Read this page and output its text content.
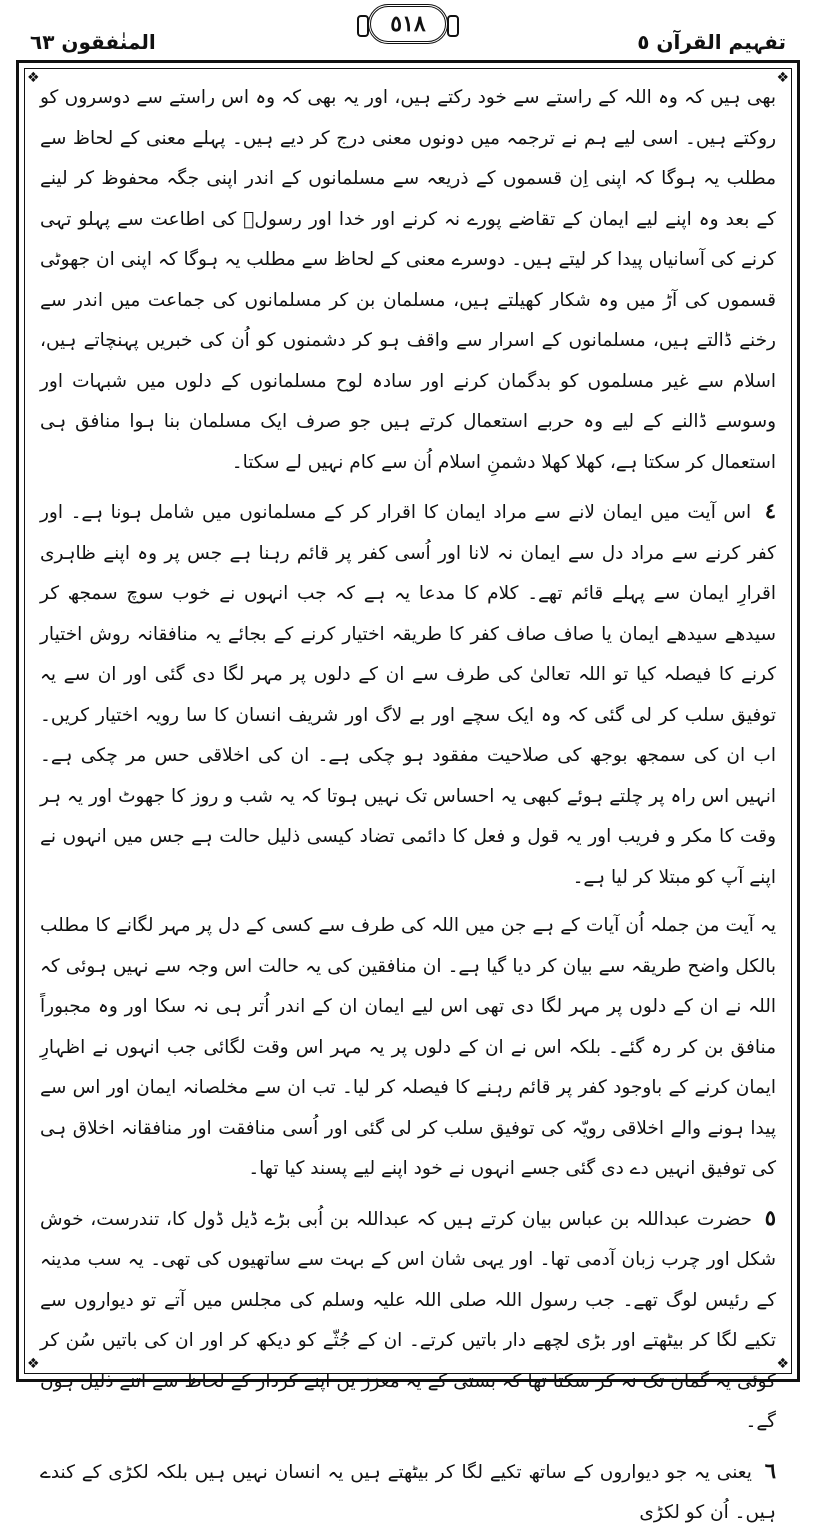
المنٰفقون ٦٣
٥١٨
تفہیم القرآن ٥
❖	❖
❖	❖

بھی ہیں کہ وہ اللہ کے راستے سے خود رکتے ہیں، اور یہ بھی کہ وہ اس راستے سے دوسروں کو روکتے ہیں۔ اسی لیے ہم نے ترجمہ میں دونوں معنی درج کر دیے ہیں۔ پہلے معنی کے لحاظ سے مطلب یہ ہوگا کہ اپنی اِن قسموں کے ذریعہ سے مسلمانوں کے اندر اپنی جگہ محفوظ کر لینے کے بعد وہ اپنے لیے ایمان کے تقاضے پورے نہ کرنے اور خدا اور رسولؐ کی اطاعت سے پہلو تہی کرنے کی آسانیاں پیدا کر لیتے ہیں۔ دوسرے معنی کے لحاظ سے مطلب یہ ہوگا کہ اپنی ان جھوٹی قسموں کی آڑ میں وہ شکار کھیلتے ہیں، مسلمان بن کر مسلمانوں کی جماعت میں اندر سے رخنے ڈالتے ہیں، مسلمانوں کے اسرار سے واقف ہو کر دشمنوں کو اُن کی خبریں پہنچاتے ہیں، اسلام سے غیر مسلموں کو بدگمان کرنے اور سادہ لوح مسلمانوں کے دلوں میں شبہات اور وسوسے ڈالنے کے لیے وہ حربے استعمال کرتے ہیں جو صرف ایک مسلمان بنا ہوا منافق ہی استعمال کر سکتا ہے، کھلا کھلا دشمنِ اسلام اُن سے کام نہیں لے سکتا۔

٤ اس آیت میں ایمان لانے سے مراد ایمان کا اقرار کر کے مسلمانوں میں شامل ہونا ہے۔ اور کفر کرنے سے مراد دل سے ایمان نہ لانا اور اُسی کفر پر قائم رہنا ہے جس پر وہ اپنے ظاہری اقرارِ ایمان سے پہلے قائم تھے۔ کلام کا مدعا یہ ہے کہ جب انہوں نے خوب سوچ سمجھ کر سیدھے سیدھے ایمان یا صاف صاف کفر کا طریقہ اختیار کرنے کے بجائے یہ منافقانہ روش اختیار کرنے کا فیصلہ کیا تو اللہ تعالیٰ کی طرف سے ان کے دلوں پر مہر لگا دی گئی اور ان سے یہ توفیق سلب کر لی گئی کہ وہ ایک سچے اور بے لاگ اور شریف انسان کا سا رویہ اختیار کریں۔ اب ان کی سمجھ بوجھ کی صلاحیت مفقود ہو چکی ہے۔ ان کی اخلاقی حس مر چکی ہے۔ انہیں اس راہ پر چلتے ہوئے کبھی یہ احساس تک نہیں ہوتا کہ یہ شب و روز کا جھوٹ اور یہ ہر وقت کا مکر و فریب اور یہ قول و فعل کا دائمی تضاد کیسی ذلیل حالت ہے جس میں انہوں نے اپنے آپ کو مبتلا کر لیا ہے۔

یہ آیت من جملہ اُن آیات کے ہے جن میں اللہ کی طرف سے کسی کے دل پر مہر لگانے کا مطلب بالکل واضح طریقہ سے بیان کر دیا گیا ہے۔ ان منافقین کی یہ حالت اس وجہ سے نہیں ہوئی کہ اللہ نے ان کے دلوں پر مہر لگا دی تھی اس لیے ایمان ان کے اندر اُتر ہی نہ سکا اور وہ مجبوراً منافق بن کر رہ گئے۔ بلکہ اس نے ان کے دلوں پر یہ مہر اس وقت لگائی جب انہوں نے اظہارِ ایمان کرنے کے باوجود کفر پر قائم رہنے کا فیصلہ کر لیا۔ تب ان سے مخلصانہ ایمان اور اس سے پیدا ہونے والے اخلاقی رویّہ کی توفیق سلب کر لی گئی اور اُسی منافقت اور منافقانہ اخلاق ہی کی توفیق انہیں دے دی گئی جسے انہوں نے خود اپنے لیے پسند کیا تھا۔

٥ حضرت عبداللہ بن عباس بیان کرتے ہیں کہ عبداللہ بن اُبی بڑے ڈیل ڈول کا، تندرست، خوش شکل اور چرب زبان آدمی تھا۔ اور یہی شان اس کے بہت سے ساتھیوں کی تھی۔ یہ سب مدینہ کے رئیس لوگ تھے۔ جب رسول اللہ صلی اللہ علیہ وسلم کی مجلس میں آتے تو دیواروں سے تکیے لگا کر بیٹھتے اور بڑی لچھے دار باتیں کرتے۔ ان کے جُثّے کو دیکھ کر اور ان کی باتیں سُن کر کوئی یہ گمان تک نہ کر سکتا تھا کہ بستی کے یہ معزز ین اپنے کردار کے لحاظ سے اتنے ذلیل ہوں گے۔

٦ یعنی یہ جو دیواروں کے ساتھ تکیے لگا کر بیٹھتے ہیں یہ انسان نہیں ہیں بلکہ لکڑی کے کندے ہیں۔ اُن کو لکڑی
